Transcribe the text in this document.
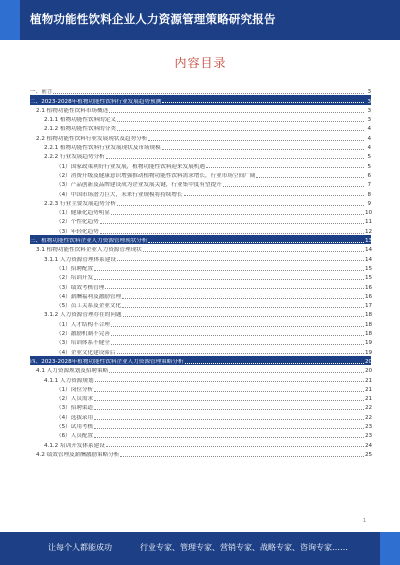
植物功能性饮料企业人力资源管理策略研究报告
内容目录
一、前言	3
二、2023-2028年植物功能性饮料行业发展趋势预测	3
2.1 植物功能性饮料市场概述	3
2.1.1 植物功能性饮料的定义	3
2.1.2 植物功能性饮料的分类	4
2.2 植物功能性饮料行业发展现状及趋势分析	4
2.2.1 植物功能性饮料行业发展现状及市场规模	4
2.2.2 行业发展趋势分析	5
（1）国家政策利好行业发展，植物功能性饮料迎来发展机遇	5
（2）消费升级及健康意识增强推动植物功能性饮料需求增长，行业市场空间广阔	6
（3）产品创新及品牌建设成为企业发展关键，行业集中度有望提升	7
（4）中国市场潜力巨大，未来行业规模将持续增长	8
2.2.3 行业主要发展趋势分析	9
（1）健康化趋势明显	10
（2）个性化趋势	11
（3）年轻化趋势	12
三、植物功能性饮料企业人力资源管理现状分析	13
3.1 植物功能性饮料企业人力资源管理现状	14
3.1.1 人力资源管理体系建设	14
（1）招聘配置	15
（2）培训开发	15
（3）绩效考核管理	16
（4）薪酬福利及激励管理	16
（5）员工关系及企业文化	17
3.1.2 人力资源管理存在的问题	18
（1）人才结构不合理	18
（2）激励机制不完善	18
（3）培训体系不健全	19
（4）企业文化建设滞后	19
四、2023-2028年植物功能性饮料企业人力资源管理策略分析	20
4.1 人力资源规划及招聘策略	20
4.1.1 人力资源规划	21
（1）岗位分析	21
（2）人员需求	21
（3）招聘渠道	22
（4）选拔录用	22
（5）试用考核	23
（6）人员配置	23
4.1.2 培训开发体系建设	24
4.2 绩效管理及薪酬激励策略分析	25
1
让每个人都能成功	行业专家、管理专家、营销专家、战略专家、咨询专家……
